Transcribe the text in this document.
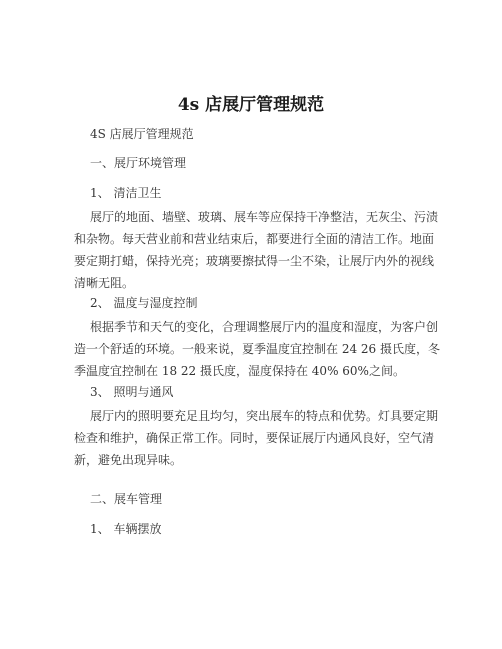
4s 店展厅管理规范

4S 店展厅管理规范

一、展厅环境管理

1、 清洁卫生

展厅的地面、墙壁、玻璃、展车等应保持干净整洁，无灰尘、污渍
和杂物。每天营业前和营业结束后，都要进行全面的清洁工作。地面
要定期打蜡，保持光亮；玻璃要擦拭得一尘不染，让展厅内外的视线
清晰无阻。

2、 温度与湿度控制

根据季节和天气的变化，合理调整展厅内的温度和湿度，为客户创
造一个舒适的环境。一般来说，夏季温度宜控制在 24 26 摄氏度，冬
季温度宜控制在 18 22 摄氏度，湿度保持在 40% 60%之间。

3、 照明与通风

展厅内的照明要充足且均匀，突出展车的特点和优势。灯具要定期
检查和维护，确保正常工作。同时，要保证展厅内通风良好，空气清
新，避免出现异味。

二、展车管理

1、 车辆摆放
